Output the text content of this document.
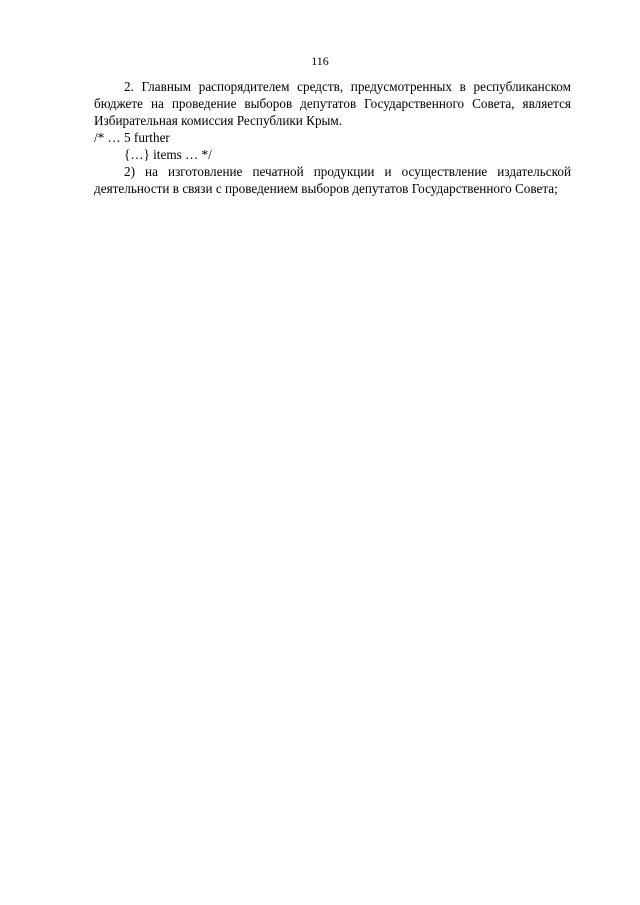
116

2. Главным распорядителем средств, предусмотренных в республиканском бюджете на проведение выборов депутатов Государственного Совета, является Избирательная комиссия Республики Крым.

/* … 5 further

{…} items … */

2) на изготовление печатной продукции и осуществление издательской деятельности в связи с проведением выборов депутатов Государственного Совета;
